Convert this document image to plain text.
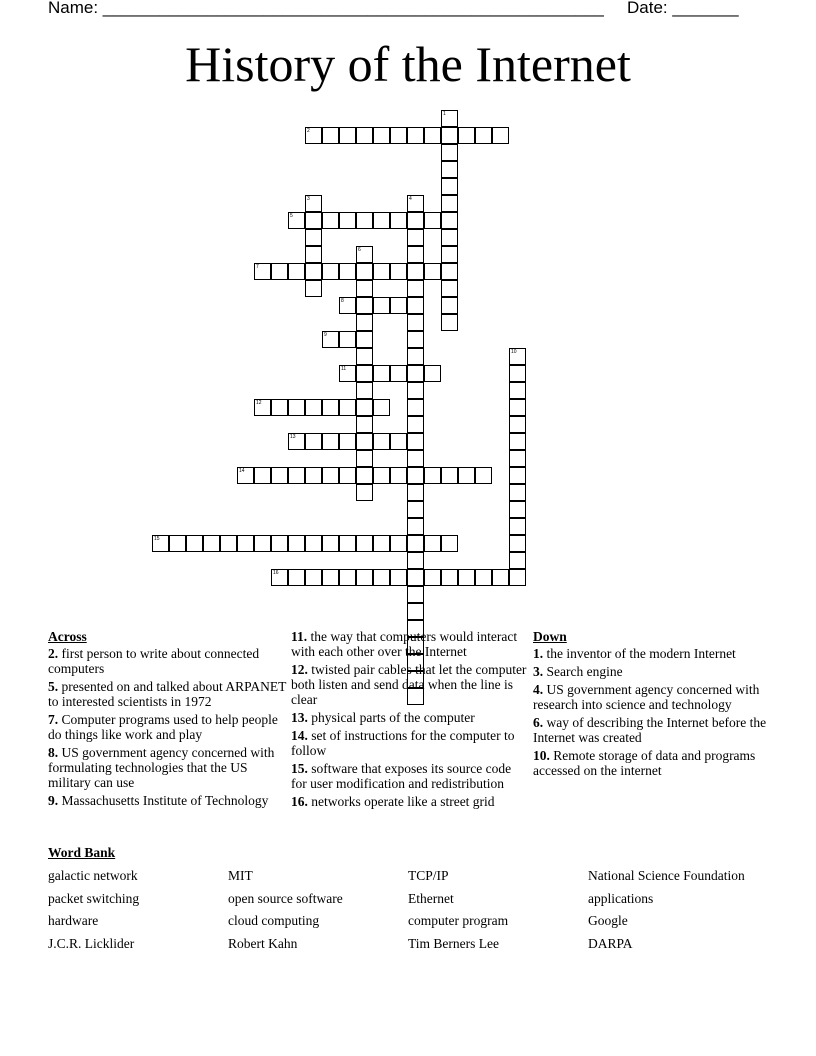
Name: _____________________________________________________ Date: _______
History of the Internet
1
2
3	4
5
6
7
8
9
10
11
12
13
14
15
16
Across
2. first person to write about connected computers
5. presented on and talked about ARPANET to interested scientists in 1972
7. Computer programs used to help people do things like work and play
8. US government agency concerned with formulating technologies that the US military can use
9. Massachusetts Institute of Technology
11. the way that computers would interact with each other over the Internet
12. twisted pair cables that let the computer both listen and send data when the line is clear
13. physical parts of the computer
14. set of instructions for the computer to follow
15. software that exposes its source code for user modification and redistribution
16. networks operate like a street grid
Down
1. the inventor of the modern Internet
3. Search engine
4. US government agency concerned with research into science and technology
6. way of describing the Internet before the Internet was created
10. Remote storage of data and programs accessed on the internet
Word Bank
galactic network	MIT	TCP/IP	National Science Foundation
packet switching	open source software	Ethernet	applications
hardware	cloud computing	computer program	Google
J.C.R. Licklider	Robert Kahn	Tim Berners Lee	DARPA
